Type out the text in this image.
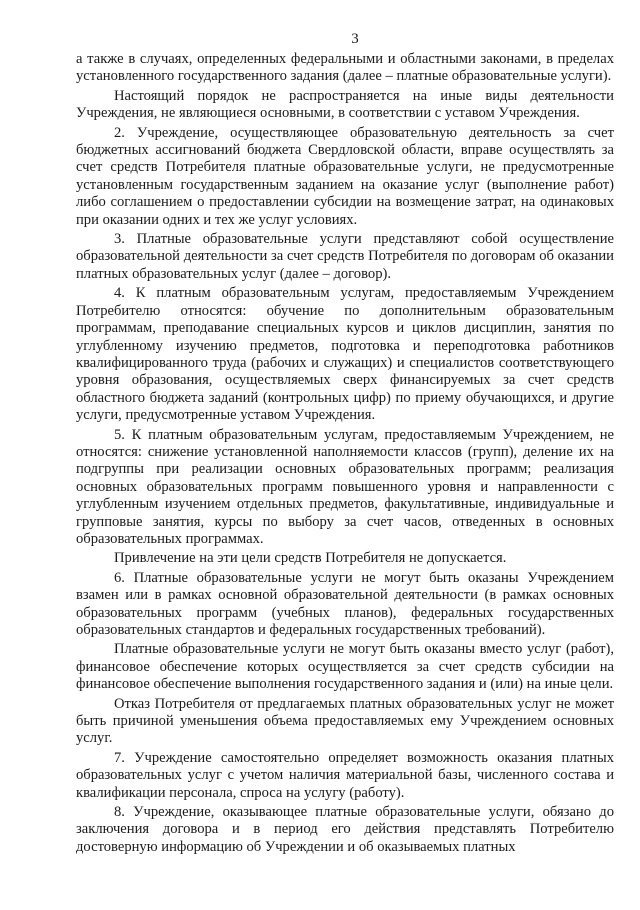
3

а также в случаях, определенных федеральными и областными законами, в пределах установленного государственного задания (далее – платные образовательные услуги).

Настоящий порядок не распространяется на иные виды деятельности Учреждения, не являющиеся основными, в соответствии с уставом Учреждения.

2. Учреждение, осуществляющее образовательную деятельность за счет бюджетных ассигнований бюджета Свердловской области, вправе осуществлять за счет средств Потребителя платные образовательные услуги, не предусмотренные установленным государственным заданием на оказание услуг (выполнение работ) либо соглашением о предоставлении субсидии на возмещение затрат, на одинаковых при оказании одних и тех же услуг условиях.

3. Платные образовательные услуги представляют собой осуществление образовательной деятельности за счет средств Потребителя по договорам об оказании платных образовательных услуг (далее – договор).

4. К платным образовательным услугам, предоставляемым Учреждением Потребителю относятся: обучение по дополнительным образовательным программам, преподавание специальных курсов и циклов дисциплин, занятия по углубленному изучению предметов, подготовка и переподготовка работников квалифицированного труда (рабочих и служащих) и специалистов соответствующего уровня образования, осуществляемых сверх финансируемых за счет средств областного бюджета заданий (контрольных цифр) по приему обучающихся, и другие услуги, предусмотренные уставом Учреждения.

5. К платным образовательным услугам, предоставляемым Учреждением, не относятся: снижение установленной наполняемости классов (групп), деление их на подгруппы при реализации основных образовательных программ; реализация основных образовательных программ повышенного уровня и направленности с углубленным изучением отдельных предметов, факультативные, индивидуальные и групповые занятия, курсы по выбору за счет часов, отведенных в основных образовательных программах.

Привлечение на эти цели средств Потребителя не допускается.

6. Платные образовательные услуги не могут быть оказаны Учреждением взамен или в рамках основной образовательной деятельности (в рамках основных образовательных программ (учебных планов), федеральных государственных образовательных стандартов и федеральных государственных требований).

Платные образовательные услуги не могут быть оказаны вместо услуг (работ), финансовое обеспечение которых осуществляется за счет средств субсидии на финансовое обеспечение выполнения государственного задания и (или) на иные цели.

Отказ Потребителя от предлагаемых платных образовательных услуг не может быть причиной уменьшения объема предоставляемых ему Учреждением основных услуг.

7. Учреждение самостоятельно определяет возможность оказания платных образовательных услуг с учетом наличия материальной базы, численного состава и квалификации персонала, спроса на услугу (работу).

8. Учреждение, оказывающее платные образовательные услуги, обязано до заключения договора и в период его действия представлять Потребителю достоверную информацию об Учреждении и об оказываемых платных
